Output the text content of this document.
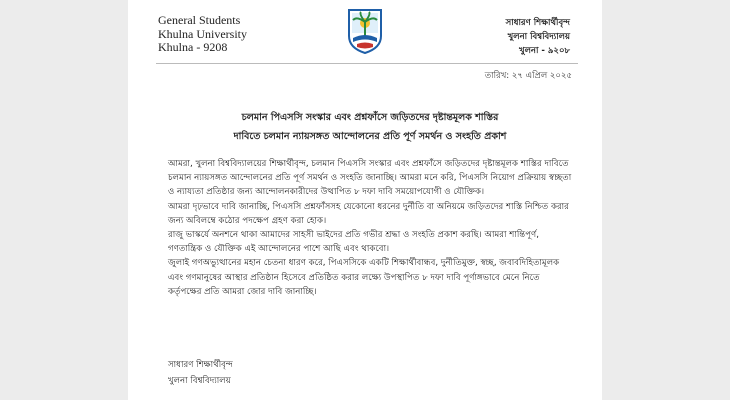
General Students
Khulna University
Khulna - 9208
সাধারণ শিক্ষার্থীবৃন্দ
খুলনা বিশ্ববিদ্যালয়
খুলনা - ৯২০৮
তারিখ: ২৭ এপ্রিল ২০২৫
চলমান পিএসসি সংস্কার এবং প্রশ্নফাঁসে জড়িতদের দৃষ্টান্তমূলক শাস্তির
দাবিতে চলমান ন্যায়সঙ্গত আন্দোলনের প্রতি পূর্ণ সমর্থন ও সংহতি প্রকাশ

আমরা, খুলনা বিশ্ববিদ্যালয়ের শিক্ষার্থীবৃন্দ, চলমান পিএসসি সংস্কার এবং প্রশ্নফাঁসে জড়িতদের দৃষ্টান্তমূলক শাস্তির দাবিতে চলমান ন্যায়সঙ্গত আন্দোলনের প্রতি পূর্ণ সমর্থন ও সংহতি জানাচ্ছি। আমরা মনে করি, পিএসসি নিয়োগ প্রক্রিয়ায় স্বচ্ছতা ও ন্যায্যতা প্রতিষ্ঠার জন্য আন্দোলনকারীদের উত্থাপিত ৮ দফা দাবি সময়োপযোগী ও যৌক্তিক।

আমরা দৃঢ়ভাবে দাবি জানাচ্ছি, পিএসসি প্রশ্নফাঁসসহ যেকোনো ধরনের দুর্নীতি বা অনিয়মে জড়িতদের শাস্তি নিশ্চিত করার জন্য অবিলম্বে কঠোর পদক্ষেপ গ্রহণ করা হোক।

রাজু ভাস্কর্যে অনশনে থাকা আমাদের সাহসী ভাইদের প্রতি গভীর শ্রদ্ধা ও সংহতি প্রকাশ করছি। আমরা শান্তিপূর্ণ, গণতান্ত্রিক ও যৌক্তিক এই আন্দোলনের পাশে আছি এবং থাকবো।

জুলাই গণঅভ্যুত্থানের মহান চেতনা ধারণ করে, পিএসসিকে একটি শিক্ষার্থীবান্ধব, দুর্নীতিমুক্ত, স্বচ্ছ, জবাবদিহিতামূলক এবং গণমানুষের আস্থার প্রতিষ্ঠান হিসেবে প্রতিষ্ঠিত করার লক্ষ্যে উপস্থাপিত ৮ দফা দাবি পূর্ণাঙ্গভাবে মেনে নিতে কর্তৃপক্ষের প্রতি আমরা জোর দাবি জানাচ্ছি।

সাধারণ শিক্ষার্থীবৃন্দ
খুলনা বিশ্ববিদ্যালয়
